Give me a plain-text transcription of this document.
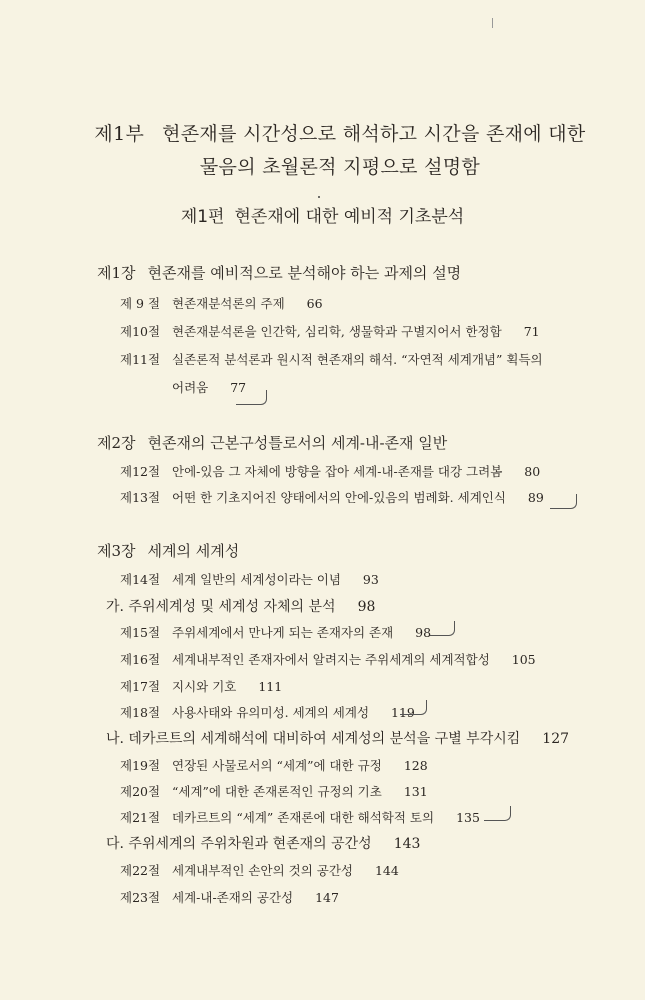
제1부 현존재를 시간성으로 해석하고 시간을 존재에 대한
물음의 초월론적 지평으로 설명함
제1편 현존재에 대한 예비적 기초분석
제1장 현존재를 예비적으로 분석해야 하는 과제의 설명
제 9 절 현존재분석론의 주제 66
제10절 현존재분석론을 인간학, 심리학, 생물학과 구별지어서 한정함 71
제11절 실존론적 분석론과 원시적 현존재의 해석. “자연적 세계개념” 획득의
어려움 77
제2장 현존재의 근본구성틀로서의 세계-내-존재 일반
제12절 안에-있음 그 자체에 방향을 잡아 세계-내-존재를 대강 그려봄 80
제13절 어떤 한 기초지어진 양태에서의 안에-있음의 범례화. 세계인식 89
제3장 세계의 세계성
제14절 세계 일반의 세계성이라는 이념 93
가. 주위세계성 및 세계성 자체의 분석 98
제15절 주위세계에서 만나게 되는 존재자의 존재 98
제16절 세계내부적인 존재자에서 알려지는 주위세계의 세계적합성 105
제17절 지시와 기호 111
제18절 사용사태와 유의미성. 세계의 세계성 119
나. 데카르트의 세계해석에 대비하여 세계성의 분석을 구별 부각시킴 127
제19절 연장된 사물로서의 “세계”에 대한 규정 128
제20절 “세계”에 대한 존재론적인 규정의 기초 131
제21절 데카르트의 “세계” 존재론에 대한 해석학적 토의 135
다. 주위세계의 주위차원과 현존재의 공간성 143
제22절 세계내부적인 손안의 것의 공간성 144
제23절 세계-내-존재의 공간성 147
